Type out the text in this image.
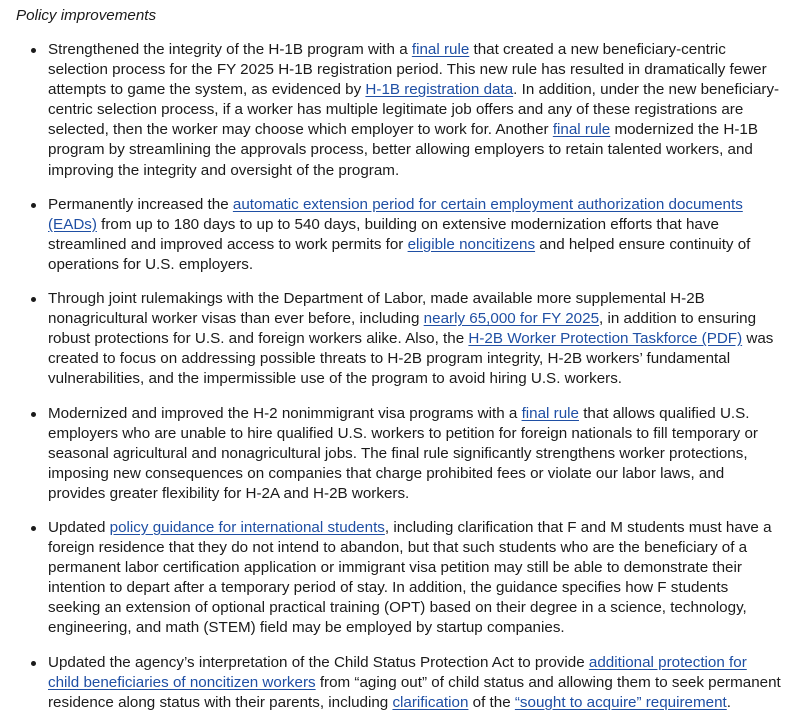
Policy improvements
Strengthened the integrity of the H-1B program with a final rule that created a new beneficiary-centric selection process for the FY 2025 H-1B registration period. This new rule has resulted in dramatically fewer attempts to game the system, as evidenced by H-1B registration data. In addition, under the new beneficiary-centric selection process, if a worker has multiple legitimate job offers and any of these registrations are selected, then the worker may choose which employer to work for. Another final rule modernized the H-1B program by streamlining the approvals process, better allowing employers to retain talented workers, and improving the integrity and oversight of the program.
Permanently increased the automatic extension period for certain employment authorization documents (EADs) from up to 180 days to up to 540 days, building on extensive modernization efforts that have streamlined and improved access to work permits for eligible noncitizens and helped ensure continuity of operations for U.S. employers.
Through joint rulemakings with the Department of Labor, made available more supplemental H-2B nonagricultural worker visas than ever before, including nearly 65,000 for FY 2025, in addition to ensuring robust protections for U.S. and foreign workers alike. Also, the H-2B Worker Protection Taskforce (PDF) was created to focus on addressing possible threats to H-2B program integrity, H-2B workers’ fundamental vulnerabilities, and the impermissible use of the program to avoid hiring U.S. workers.
Modernized and improved the H-2 nonimmigrant visa programs with a final rule that allows qualified U.S. employers who are unable to hire qualified U.S. workers to petition for foreign nationals to fill temporary or seasonal agricultural and nonagricultural jobs. The final rule significantly strengthens worker protections, imposing new consequences on companies that charge prohibited fees or violate our labor laws, and provides greater flexibility for H-2A and H-2B workers.
Updated policy guidance for international students, including clarification that F and M students must have a foreign residence that they do not intend to abandon, but that such students who are the beneficiary of a permanent labor certification application or immigrant visa petition may still be able to demonstrate their intention to depart after a temporary period of stay. In addition, the guidance specifies how F students seeking an extension of optional practical training (OPT) based on their degree in a science, technology, engineering, and math (STEM) field may be employed by startup companies.
Updated the agency’s interpretation of the Child Status Protection Act to provide additional protection for child beneficiaries of noncitizen workers from “aging out” of child status and allowing them to seek permanent residence along status with their parents, including clarification of the “sought to acquire” requirement.
